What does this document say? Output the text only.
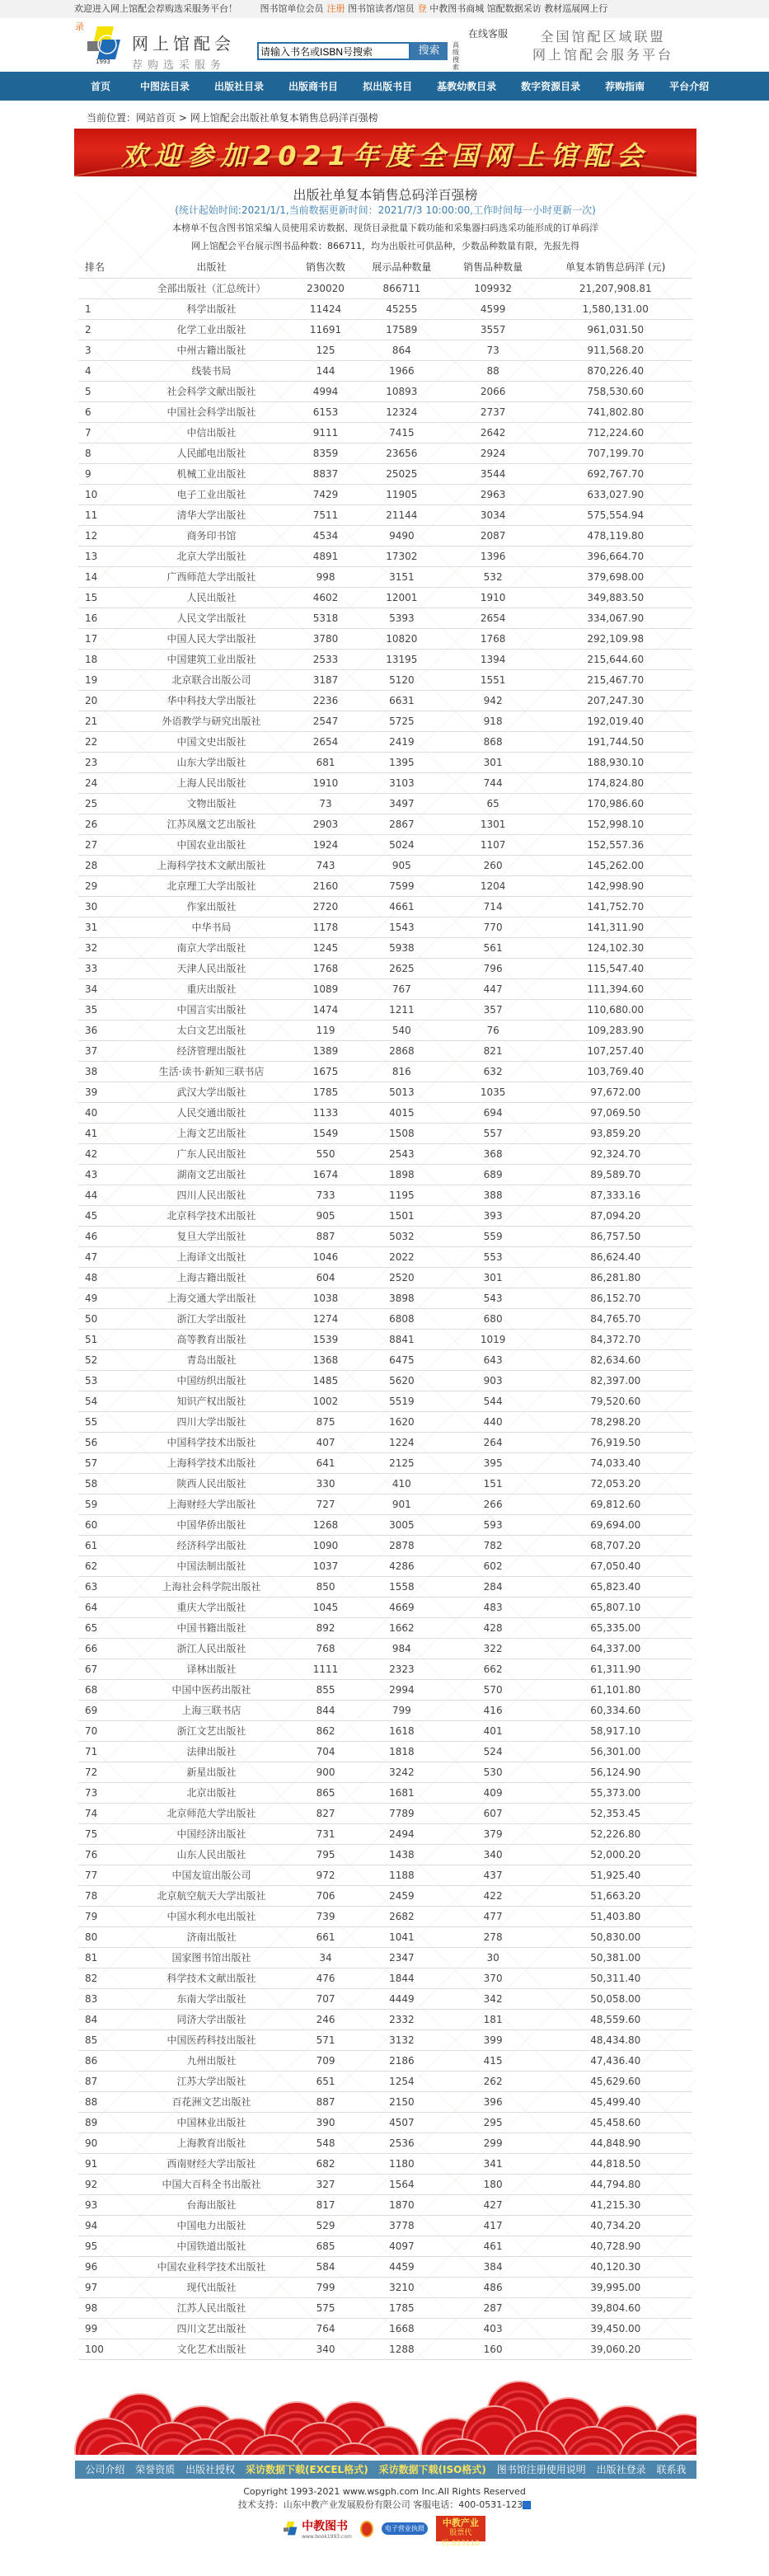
欢迎进入网上馆配会荐购选采服务平台！	图书馆单位会员 注册 图书馆读者/馆员 登 中教图书商城 馆配数据采访 教材巡展网上行
录
1993
网上馆配会
荐购选采服务
请输入书名或ISBN号搜索
搜索	高级搜索
在线客服	全国馆配区域联盟
网上馆配会服务平台
首页	中图法目录	出版社目录	出版商书目	拟出版书目	基教幼教目录	数字资源目录	荐购指南	平台介绍
当前位置：网站首页 > 网上馆配会出版社单复本销售总码洋百强榜
欢迎参加2021年度全国网上馆配会
出版社单复本销售总码洋百强榜
(统计起始时间:2021/1/1,当前数据更新时间：2021/7/3 10:00:00,工作时间每一小时更新一次)
本榜单不包含图书馆采编人员使用采访数据、现货目录批量下载功能和采集器扫码选采功能形成的订单码洋
网上馆配会平台展示图书品种数：866711，均为出版社可供品种，少数品种数量有限，先报先得
排名	出版社	销售次数	展示品种数量	销售品种数量	单复本销售总码洋 (元)
	全部出版社（汇总统计）	230020	866711	109932	21,207,908.81
1	科学出版社	11424	45255	4599	1,580,131.00
2	化学工业出版社	11691	17589	3557	961,031.50
3	中州古籍出版社	125	864	73	911,568.20
4	线装书局	144	1966	88	870,226.40
5	社会科学文献出版社	4994	10893	2066	758,530.60
6	中国社会科学出版社	6153	12324	2737	741,802.80
7	中信出版社	9111	7415	2642	712,224.60
8	人民邮电出版社	8359	23656	2924	707,199.70
9	机械工业出版社	8837	25025	3544	692,767.70
10	电子工业出版社	7429	11905	2963	633,027.90
11	清华大学出版社	7511	21144	3034	575,554.94
12	商务印书馆	4534	9490	2087	478,119.80
13	北京大学出版社	4891	17302	1396	396,664.70
14	广西师范大学出版社	998	3151	532	379,698.00
15	人民出版社	4602	12001	1910	349,883.50
16	人民文学出版社	5318	5393	2654	334,067.90
17	中国人民大学出版社	3780	10820	1768	292,109.98
18	中国建筑工业出版社	2533	13195	1394	215,644.60
19	北京联合出版公司	3187	5120	1551	215,467.70
20	华中科技大学出版社	2236	6631	942	207,247.30
21	外语教学与研究出版社	2547	5725	918	192,019.40
22	中国文史出版社	2654	2419	868	191,744.50
23	山东大学出版社	681	1395	301	188,930.10
24	上海人民出版社	1910	3103	744	174,824.80
25	文物出版社	73	3497	65	170,986.60
26	江苏凤凰文艺出版社	2903	2867	1301	152,998.10
27	中国农业出版社	1924	5024	1107	152,557.36
28	上海科学技术文献出版社	743	905	260	145,262.00
29	北京理工大学出版社	2160	7599	1204	142,998.90
30	作家出版社	2720	4661	714	141,752.70
31	中华书局	1178	1543	770	141,311.90
32	南京大学出版社	1245	5938	561	124,102.30
33	天津人民出版社	1768	2625	796	115,547.40
34	重庆出版社	1089	767	447	111,394.60
35	中国言实出版社	1474	1211	357	110,680.00
36	太白文艺出版社	119	540	76	109,283.90
37	经济管理出版社	1389	2868	821	107,257.40
38	生活·读书·新知三联书店	1675	816	632	103,769.40
39	武汉大学出版社	1785	5013	1035	97,672.00
40	人民交通出版社	1133	4015	694	97,069.50
41	上海文艺出版社	1549	1508	557	93,859.20
42	广东人民出版社	550	2543	368	92,324.70
43	湖南文艺出版社	1674	1898	689	89,589.70
44	四川人民出版社	733	1195	388	87,333.16
45	北京科学技术出版社	905	1501	393	87,094.20
46	复旦大学出版社	887	5032	559	86,757.50
47	上海译文出版社	1046	2022	553	86,624.40
48	上海古籍出版社	604	2520	301	86,281.80
49	上海交通大学出版社	1038	3898	543	86,152.70
50	浙江大学出版社	1274	6808	680	84,765.70
51	高等教育出版社	1539	8841	1019	84,372.70
52	青岛出版社	1368	6475	643	82,634.60
53	中国纺织出版社	1485	5620	903	82,397.00
54	知识产权出版社	1002	5519	544	79,520.60
55	四川大学出版社	875	1620	440	78,298.20
56	中国科学技术出版社	407	1224	264	76,919.50
57	上海科学技术出版社	641	2125	395	74,033.40
58	陕西人民出版社	330	410	151	72,053.20
59	上海财经大学出版社	727	901	266	69,812.60
60	中国华侨出版社	1268	3005	593	69,694.00
61	经济科学出版社	1090	2878	782	68,707.20
62	中国法制出版社	1037	4286	602	67,050.40
63	上海社会科学院出版社	850	1558	284	65,823.40
64	重庆大学出版社	1045	4669	483	65,807.10
65	中国书籍出版社	892	1662	428	65,335.00
66	浙江人民出版社	768	984	322	64,337.00
67	译林出版社	1111	2323	662	61,311.90
68	中国中医药出版社	855	2994	570	61,101.80
69	上海三联书店	844	799	416	60,334.60
70	浙江文艺出版社	862	1618	401	58,917.10
71	法律出版社	704	1818	524	56,301.00
72	新星出版社	900	3242	530	56,124.90
73	北京出版社	865	1681	409	55,373.00
74	北京师范大学出版社	827	7789	607	52,353.45
75	中国经济出版社	731	2494	379	52,226.80
76	山东人民出版社	795	1438	340	52,000.20
77	中国友谊出版公司	972	1188	437	51,925.40
78	北京航空航天大学出版社	706	2459	422	51,663.20
79	中国水利水电出版社	739	2682	477	51,403.80
80	济南出版社	661	1041	278	50,830.00
81	国家图书馆出版社	34	2347	30	50,381.00
82	科学技术文献出版社	476	1844	370	50,311.40
83	东南大学出版社	707	4449	342	50,058.00
84	同济大学出版社	246	2332	181	48,559.60
85	中国医药科技出版社	571	3132	399	48,434.80
86	九州出版社	709	2186	415	47,436.40
87	江苏大学出版社	651	1254	262	45,629.60
88	百花洲文艺出版社	887	2150	396	45,499.40
89	中国林业出版社	390	4507	295	45,458.60
90	上海教育出版社	548	2536	299	44,848.90
91	西南财经大学出版社	682	1180	341	44,818.50
92	中国大百科全书出版社	327	1564	180	44,794.80
93	台海出版社	817	1870	427	41,215.30
94	中国电力出版社	529	3778	417	40,734.20
95	中国铁道出版社	685	4097	461	40,728.90
96	中国农业科学技术出版社	584	4459	384	40,120.30
97	现代出版社	799	3210	486	39,995.00
98	江苏人民出版社	575	1785	287	39,804.60
99	四川文艺出版社	764	1668	403	39,450.00
100	文化艺术出版社	340	1288	160	39,060.20
公司介绍 荣誉资质 出版社授权 采访数据下载(EXCEL格式) 采访数据下载(ISO格式) 图书馆注册使用说明 出版社登录 联系我
Copyright 1993-2021 www.wsgph.com Inc.All Rights Reserved
技术支持：山东中教产业发展股份有限公司 客服电话：400-0531-123
中教图书
www.book1993.com
电子营业执照
中教产业
股票代码:833110
